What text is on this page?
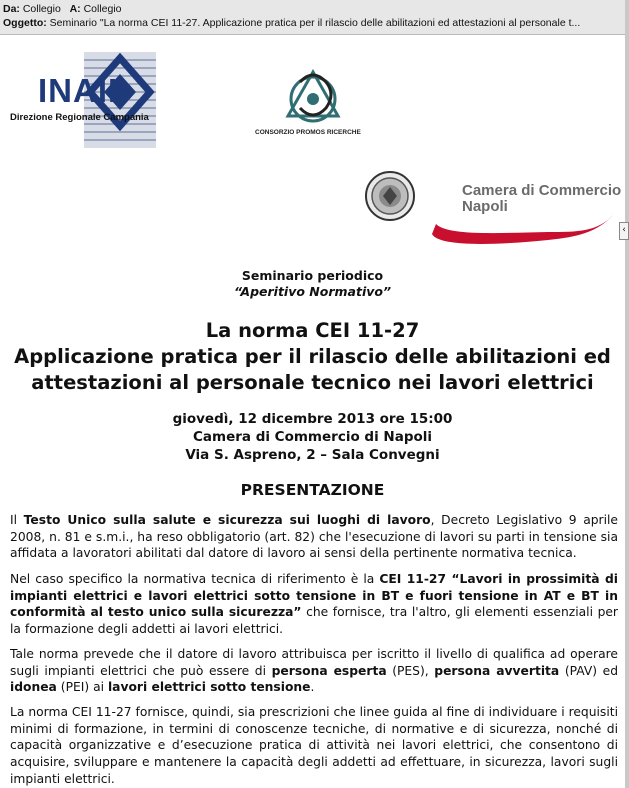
Da: Collegio A: Collegio
Oggetto: Seminario "La norma CEI 11-27. Applicazione pratica per il rilascio delle abilitazioni ed attestazioni al personale t...
‹
INAIL
Direzione Regionale Campania
CONSORZIO PROMOS RICERCHE
Camera di Commercio
Napoli
Seminario periodico
“Aperitivo Normativo”
La norma CEI 11-27
Applicazione pratica per il rilascio delle abilitazioni ed
attestazioni al personale tecnico nei lavori elettrici
giovedì, 12 dicembre 2013 ore 15:00
Camera di Commercio di Napoli
Via S. Aspreno, 2 – Sala Convegni
PRESENTAZIONE

Il Testo Unico sulla salute e sicurezza sui luoghi di lavoro, Decreto Legislativo 9 aprile 2008, n. 81 e s.m.i., ha reso obbligatorio (art. 82) che l'esecuzione di lavori su parti in tensione sia affidata a lavoratori abilitati dal datore di lavoro ai sensi della pertinente normativa tecnica.

Nel caso specifico la normativa tecnica di riferimento è la CEI 11-27 “Lavori in prossimità di impianti elettrici e lavori elettrici sotto tensione in BT e fuori tensione in AT e BT in conformità al testo unico sulla sicurezza” che fornisce, tra l'altro, gli elementi essenziali per la formazione degli addetti ai lavori elettrici.

Tale norma prevede che il datore di lavoro attribuisca per iscritto il livello di qualifica ad operare sugli impianti elettrici che può essere di persona esperta (PES), persona avvertita (PAV) ed idonea (PEI) ai lavori elettrici sotto tensione.

La norma CEI 11-27 fornisce, quindi, sia prescrizioni che linee guida al fine di individuare i requisiti minimi di formazione, in termini di conoscenze tecniche, di normative e di sicurezza, nonché di capacità organizzative e d’esecuzione pratica di attività nei lavori elettrici, che consentono di acquisire, sviluppare e mantenere la capacità degli addetti ad effettuare, in sicurezza, lavori sugli impianti elettrici.
